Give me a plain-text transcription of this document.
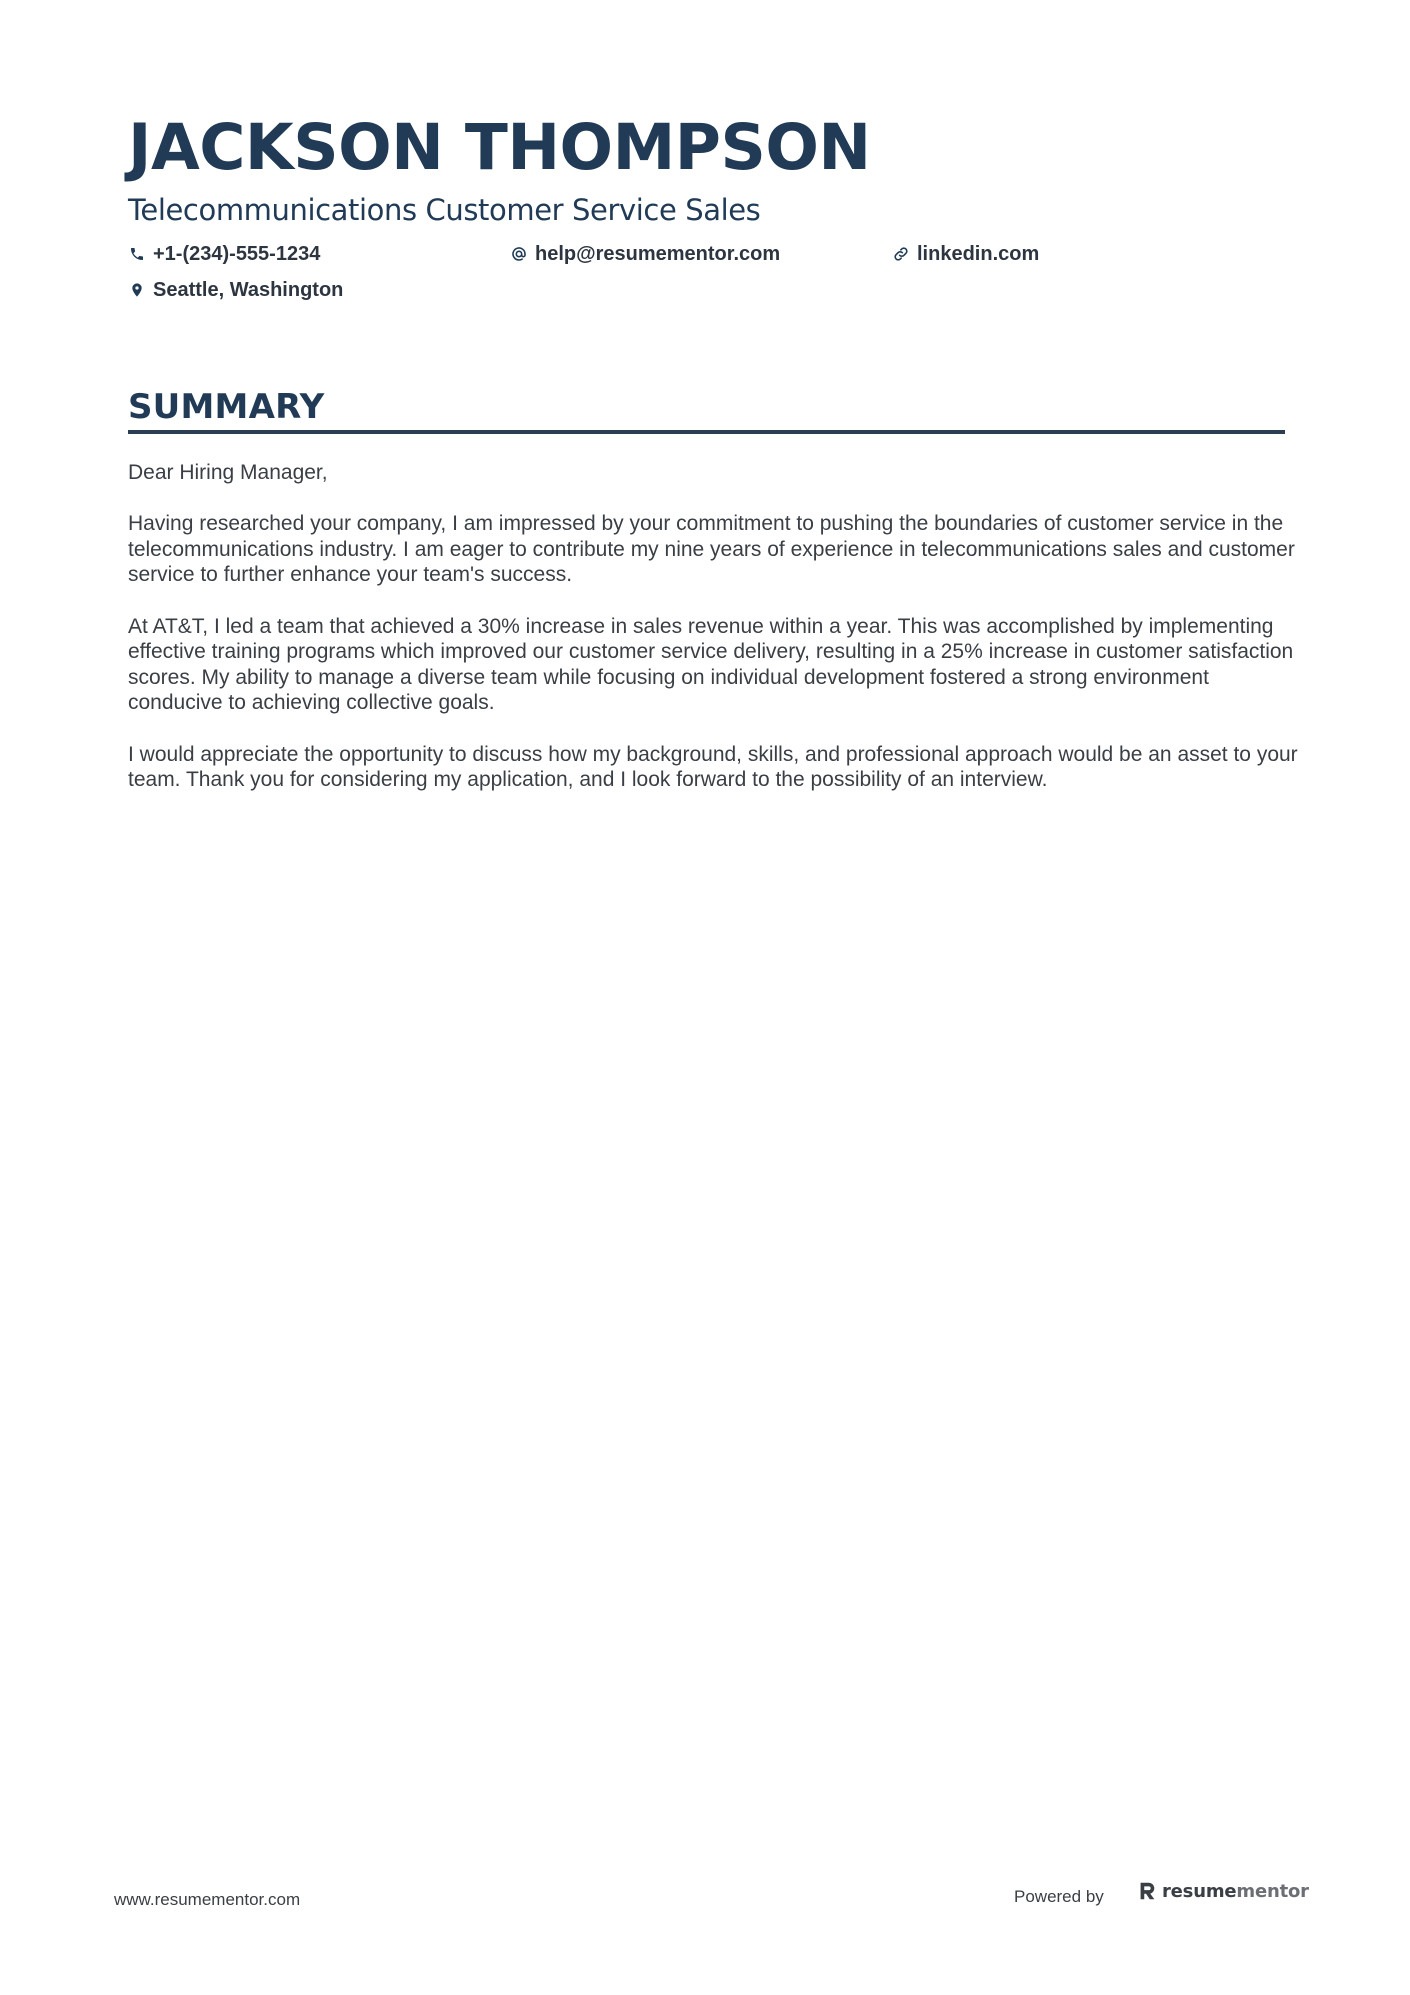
JACKSON THOMPSON
Telecommunications Customer Service Sales
+1-(234)-555-1234	help@resumementor.com	linkedin.com
Seattle, Washington
SUMMARY

Dear Hiring Manager,

Having researched your company, I am impressed by your commitment to pushing the boundaries of customer service in the telecommunications industry. I am eager to contribute my nine years of experience in telecommunications sales and customer service to further enhance your team's success.

At AT&T, I led a team that achieved a 30% increase in sales revenue within a year. This was accomplished by implementing effective training programs which improved our customer service delivery, resulting in a 25% increase in customer satisfaction scores. My ability to manage a diverse team while focusing on individual development fostered a strong environment conducive to achieving collective goals.

I would appreciate the opportunity to discuss how my background, skills, and professional approach would be an asset to your team. Thank you for considering my application, and I look forward to the possibility of an interview.

www.resumementor.com	Powered by	resumementor
